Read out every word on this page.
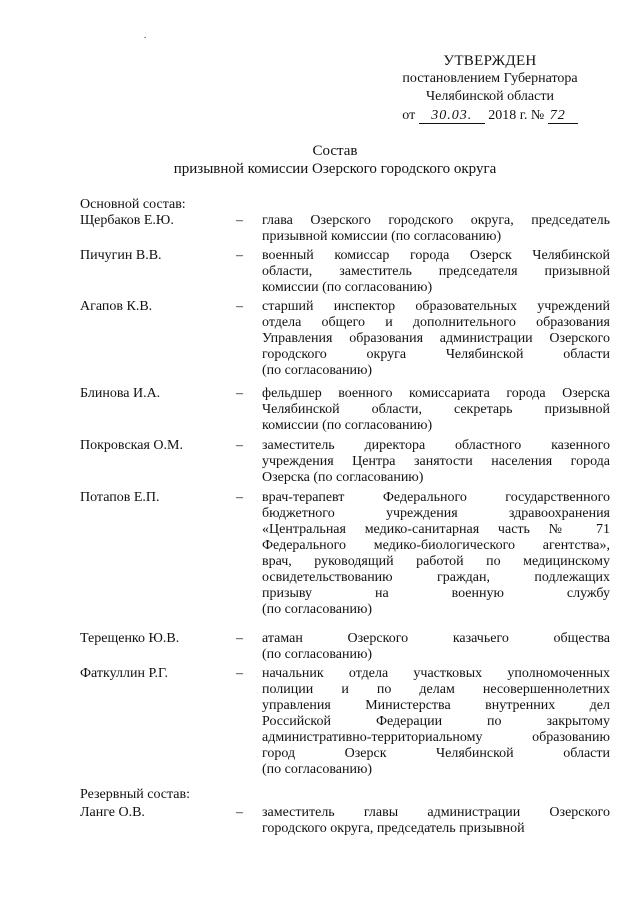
.
УТВЕРЖДЕН
постановлением Губернатора
Челябинской области
от 30.03. 2018 г. № 72
Состав
призывной комиссии Озерского городского округа
Основной состав:
Щербаков Е.Ю.	– глава Озерского городского округа, председатель
призывной комиссии (по согласованию)
Пичугин В.В.	– военный комиссар города Озерск Челябинской
области, заместитель председателя призывной
комиссии (по согласованию)
Агапов К.В.	– старший инспектор образовательных учреждений
отдела общего и дополнительного образования
Управления образования администрации Озерского
городского округа Челябинской области
(по согласованию)
Блинова И.А.	– фельдшер военного комиссариата города Озерска
Челябинской области, секретарь призывной
комиссии (по согласованию)
Покровская О.М.	– заместитель директора областного казенного
учреждения Центра занятости населения города
Озерска (по согласованию)
Потапов Е.П.	– врач-терапевт Федерального государственного
бюджетного учреждения здравоохранения
«Центральная медико-санитарная часть № 71
Федерального медико-биологического агентства»,
врач, руководящий работой по медицинскому
освидетельствованию граждан, подлежащих
призыву на военную службу
(по согласованию)
Терещенко Ю.В.	– атаман Озерского казачьего общества
(по согласованию)
Фаткуллин Р.Г.	– начальник отдела участковых уполномоченных
полиции и по делам несовершеннолетних
управления Министерства внутренних дел
Российской Федерации по закрытому
административно-территориальному образованию
город Озерск Челябинской области
(по согласованию)
Резервный состав:
Ланге О.В.	– заместитель главы администрации Озерского
городского округа, председатель призывной
